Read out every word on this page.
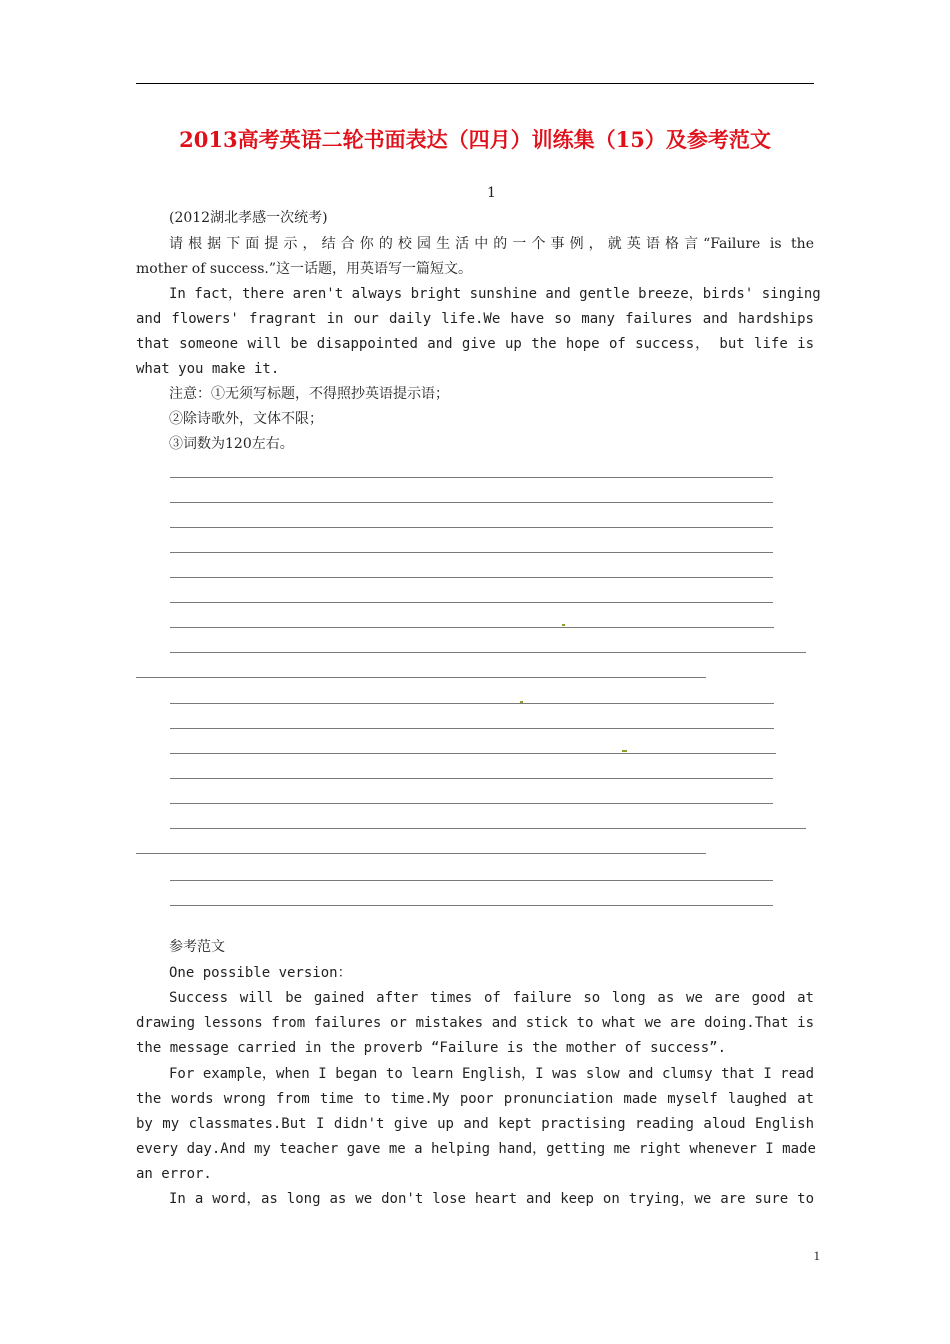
2013高考英语二轮书面表达（四月）训练集（15）及参考范文
1
(2012湖北孝感一次统考)
请根据下面提示，结合你的校园生活中的一个事例，就英语格言“Failure is the
mother of success.”这一话题，用英语写一篇短文。
In fact，there aren't always bright sunshine and gentle breeze，birds' singing
and flowers' fragrant in our daily life.We have so many failures and hardships
that someone will be disappointed and give up the hope of success， but life is
what you make it.
注意：①无须写标题，不得照抄英语提示语；
②除诗歌外，文体不限；
③词数为120左右。
参考范文
One possible version：
Success will be gained after times of failure so long as we are good at
drawing lessons from failures or mistakes and stick to what we are doing.That is
the message carried in the proverb “Failure is the mother of success”.
For example，when I began to learn English，I was slow and clumsy that I read
the words wrong from time to time.My poor pronunciation made myself laughed at
by my classmates.But I didn't give up and kept practising reading aloud English
every day.And my teacher gave me a helping hand，getting me right whenever I made
an error.
In a word，as long as we don't lose heart and keep on trying，we are sure to
1
